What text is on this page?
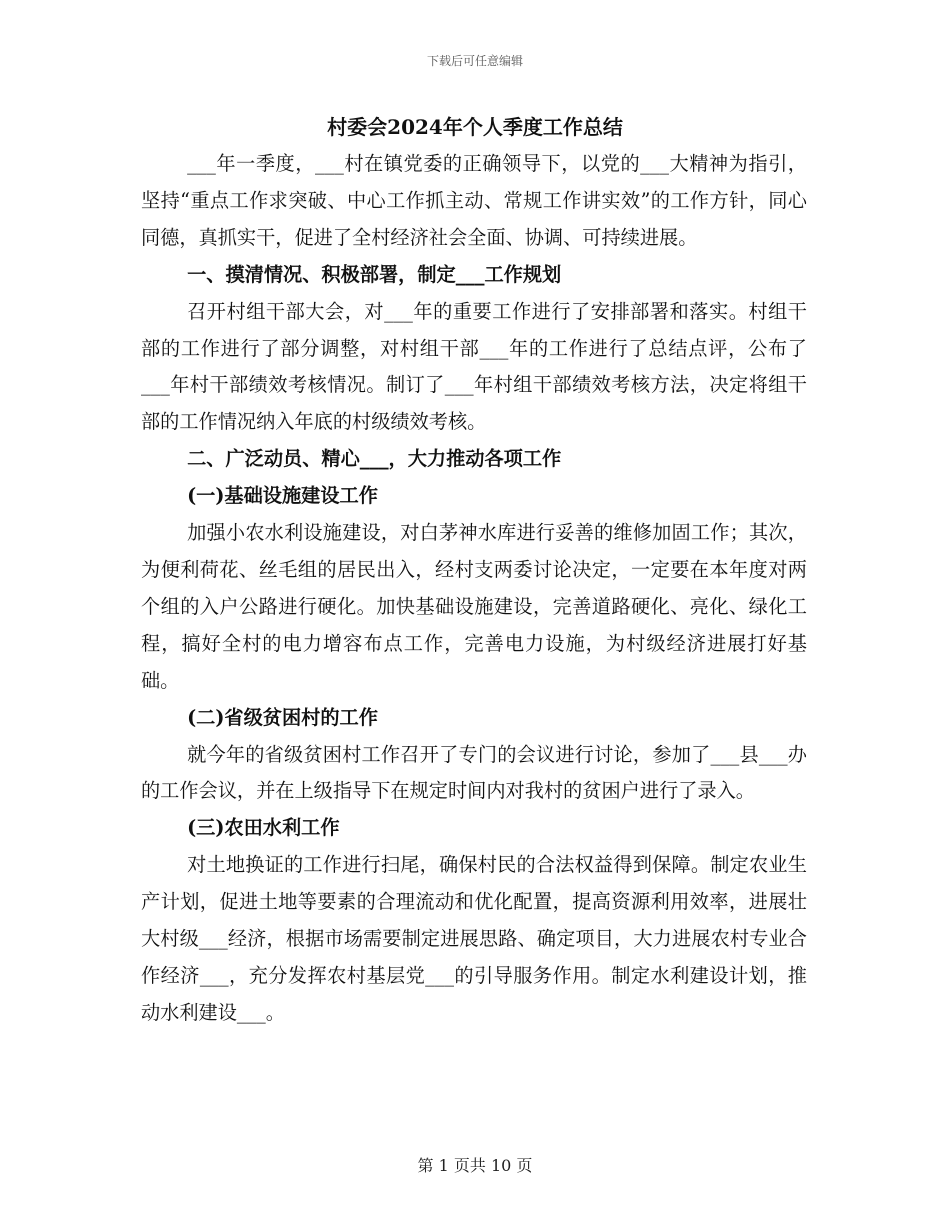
下载后可任意编辑
村委会2024年个人季度工作总结

___年一季度，___村在镇党委的正确领导下，以党的___大精神为指引，坚持“重点工作求突破、中心工作抓主动、常规工作讲实效”的工作方针，同心同德，真抓实干，促进了全村经济社会全面、协调、可持续进展。

一、摸清情况、积极部署，制定___工作规划

召开村组干部大会，对___年的重要工作进行了安排部署和落实。村组干部的工作进行了部分调整，对村组干部___年的工作进行了总结点评，公布了___年村干部绩效考核情况。制订了___年村组干部绩效考核方法，决定将组干部的工作情况纳入年底的村级绩效考核。

二、广泛动员、精心___，大力推动各项工作

(一)基础设施建设工作

加强小农水利设施建设，对白茅神水库进行妥善的维修加固工作；其次，为便利荷花、丝毛组的居民出入，经村支两委讨论决定，一定要在本年度对两个组的入户公路进行硬化。加快基础设施建设，完善道路硬化、亮化、绿化工程，搞好全村的电力增容布点工作，完善电力设施，为村级经济进展打好基础。

(二)省级贫困村的工作

就今年的省级贫困村工作召开了专门的会议进行讨论，参加了___县___办的工作会议，并在上级指导下在规定时间内对我村的贫困户进行了录入。

(三)农田水利工作

对土地换证的工作进行扫尾，确保村民的合法权益得到保障。制定农业生产计划，促进土地等要素的合理流动和优化配置，提高资源利用效率，进展壮大村级___经济，根据市场需要制定进展思路、确定项目，大力进展农村专业合作经济___，充分发挥农村基层党___的引导服务作用。制定水利建设计划，推动水利建设___。

第 1 页共 10 页
